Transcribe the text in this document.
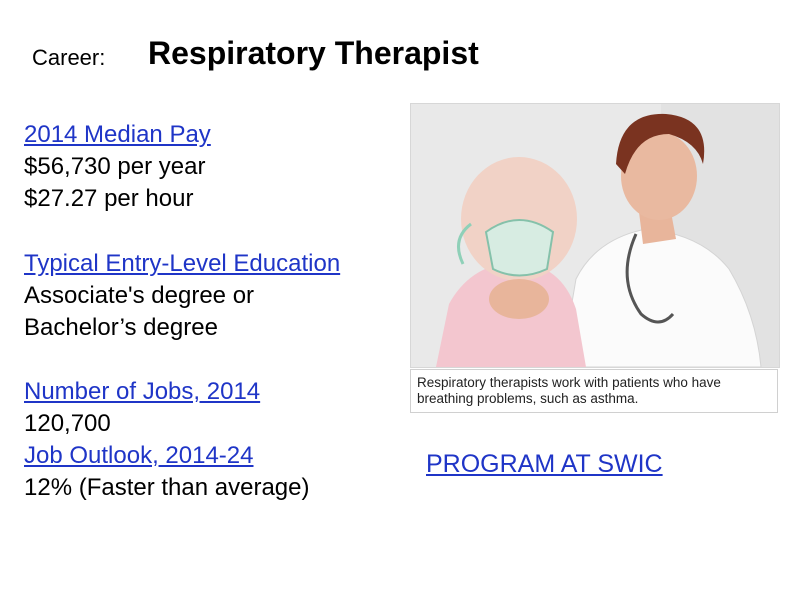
Career: Respiratory Therapist
2014 Median Pay
$56,730 per year
$27.27 per hour
Typical Entry-Level Education
Associate's degree or
Bachelor’s degree
Number of Jobs, 2014
120,700
Job Outlook, 2014-24
12% (Faster than average)
Respiratory therapists work with patients who have
breathing problems, such as asthma.
PROGRAM AT SWIC
